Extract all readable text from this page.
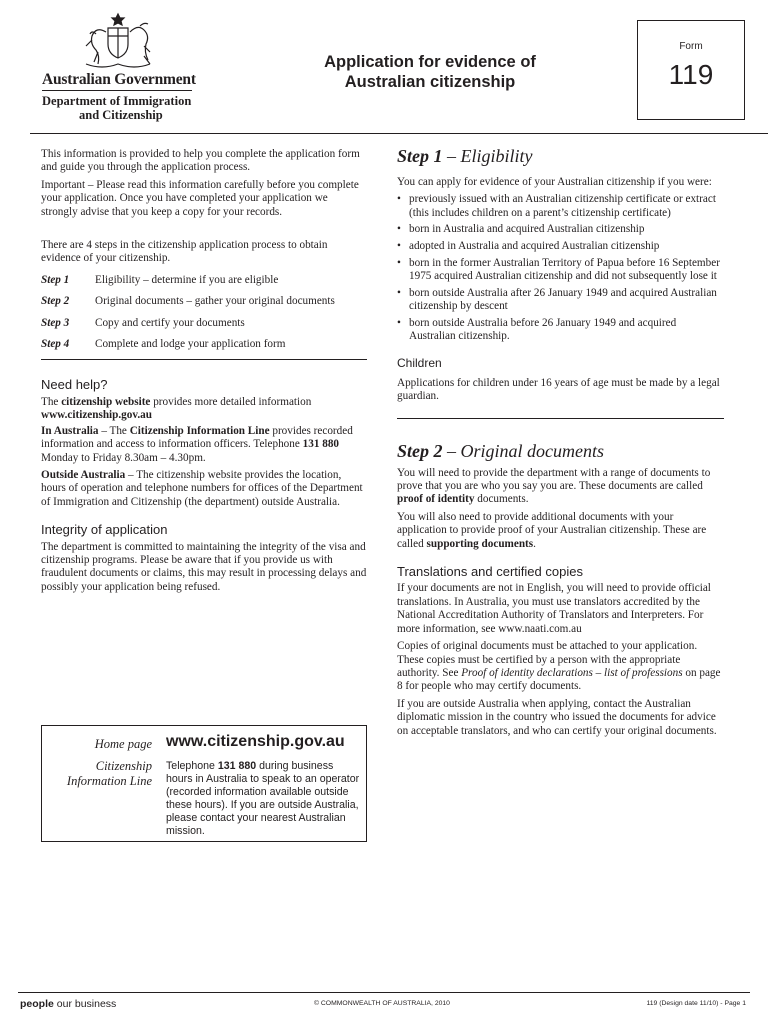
Australian Government
Department of Immigration
and Citizenship
Application for evidence of
Australian citizenship
Form
119

This information is provided to help you complete the application form and guide you through the application process.

Important – Please read this information carefully before you complete your application. Once you have completed your application we strongly advise that you keep a copy for your records.

There are 4 steps in the citizenship application process to obtain evidence of your citizenship.

Step 1	Eligibility – determine if you are eligible
Step 2	Original documents – gather your original documents
Step 3	Copy and certify your documents
Step 4	Complete and lodge your application form
Need help?

The citizenship website provides more detailed information www.citizenship.gov.au

In Australia – The Citizenship Information Line provides recorded information and access to information officers. Telephone 131 880 Monday to Friday 8.30am – 4.30pm.

Outside Australia – The citizenship website provides the location, hours of operation and telephone numbers for offices of the Department of Immigration and Citizenship (the department) outside Australia.

Integrity of application

The department is committed to maintaining the integrity of the visa and citizenship programs. Please be aware that if you provide us with fraudulent documents or claims, this may result in processing delays and possibly your application being refused.

Home page www.citizenship.gov.au
Citizenship
Information Line
Telephone 131 880 during business hours in Australia to speak to an operator (recorded information available outside these hours). If you are outside Australia, please contact your nearest Australian mission.
Step 1 – Eligibility

You can apply for evidence of your Australian citizenship if you were:

• previously issued with an Australian citizenship certificate or extract (this includes children on a parent’s citizenship certificate)
• born in Australia and acquired Australian citizenship
• adopted in Australia and acquired Australian citizenship
• born in the former Australian Territory of Papua before 16 September 1975 acquired Australian citizenship and did not subsequently lose it
• born outside Australia after 26 January 1949 and acquired Australian citizenship by descent
• born outside Australia before 26 January 1949 and acquired Australian citizenship.
Children

Applications for children under 16 years of age must be made by a legal guardian.

Step 2 – Original documents

You will need to provide the department with a range of documents to prove that you are who you say you are. These documents are called proof of identity documents.

You will also need to provide additional documents with your application to provide proof of your Australian citizenship. These are called supporting documents.

Translations and certified copies

If your documents are not in English, you will need to provide official translations. In Australia, you must use translators accredited by the National Accreditation Authority of Translators and Interpreters. For more information, see www.naati.com.au

Copies of original documents must be attached to your application. These copies must be certified by a person with the appropriate authority. See Proof of identity declarations – list of professions on page 8 for people who may certify documents.

If you are outside Australia when applying, contact the Australian diplomatic mission in the country who issued the documents for advice on acceptable translators, and who can certify your original documents.

people our business	© COMMONWEALTH OF AUSTRALIA, 2010	119 (Design date 11/10) - Page 1
